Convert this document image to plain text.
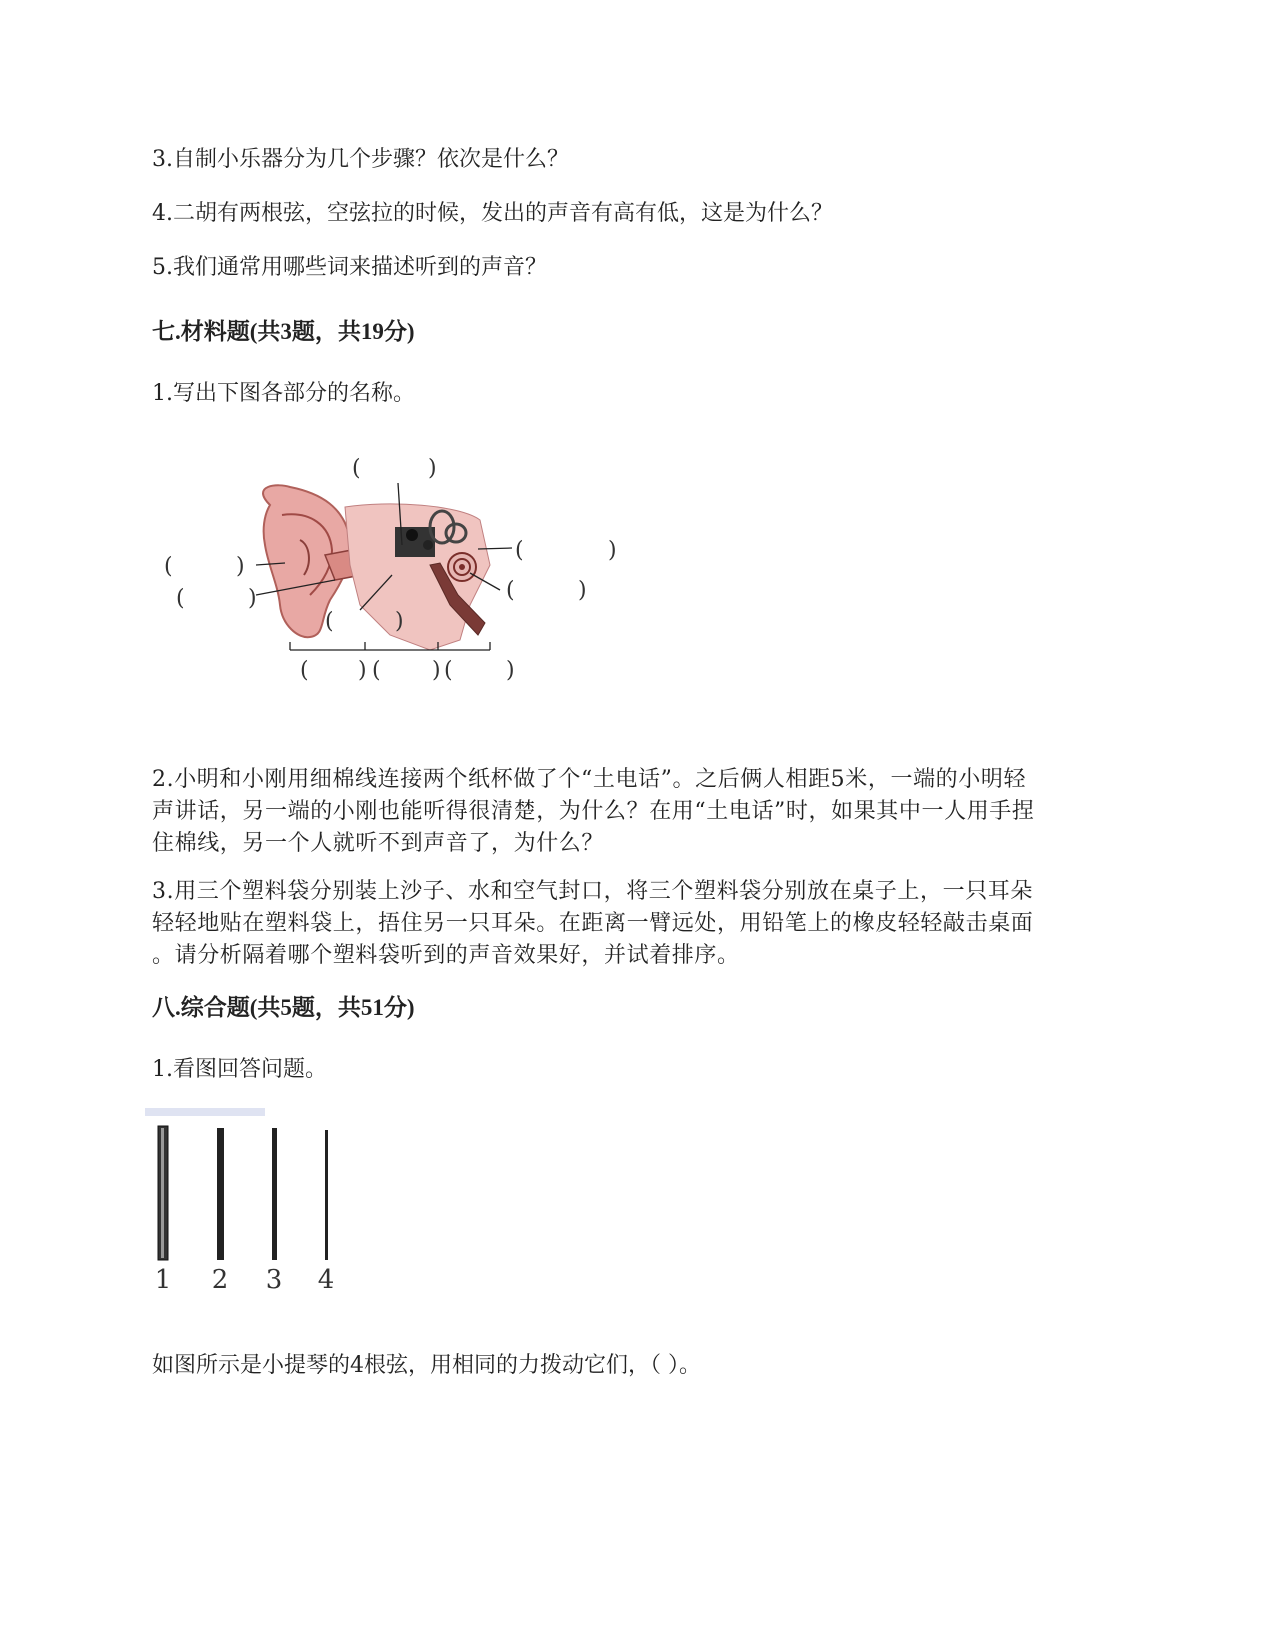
3.自制小乐器分为几个步骤？依次是什么？

4.二胡有两根弦，空弦拉的时候，发出的声音有高有低，这是为什么？

5.我们通常用哪些词来描述听到的声音？

七.材料题(共3题，共19分)

1.写出下图各部分的名称。

(	)
(	)
(	)
(	)
(	)
(	)
( ) ( ) ( )
2.小明和小刚用细棉线连接两个纸杯做了个“土电话”。之后俩人相距5米，一端的小明轻
声讲话，另一端的小刚也能听得很清楚，为什么？在用“土电话”时，如果其中一人用手捏
住棉线，另一个人就听不到声音了，为什么？
3.用三个塑料袋分别装上沙子、水和空气封口，将三个塑料袋分别放在桌子上，一只耳朵
轻轻地贴在塑料袋上，捂住另一只耳朵。在距离一臂远处，用铅笔上的橡皮轻轻敲击桌面
。请分析隔着哪个塑料袋听到的声音效果好，并试着排序。

八.综合题(共5题，共51分)

1.看图回答问题。

1 2 3 4

如图所示是小提琴的4根弦，用相同的力拨动它们，（ ）。
